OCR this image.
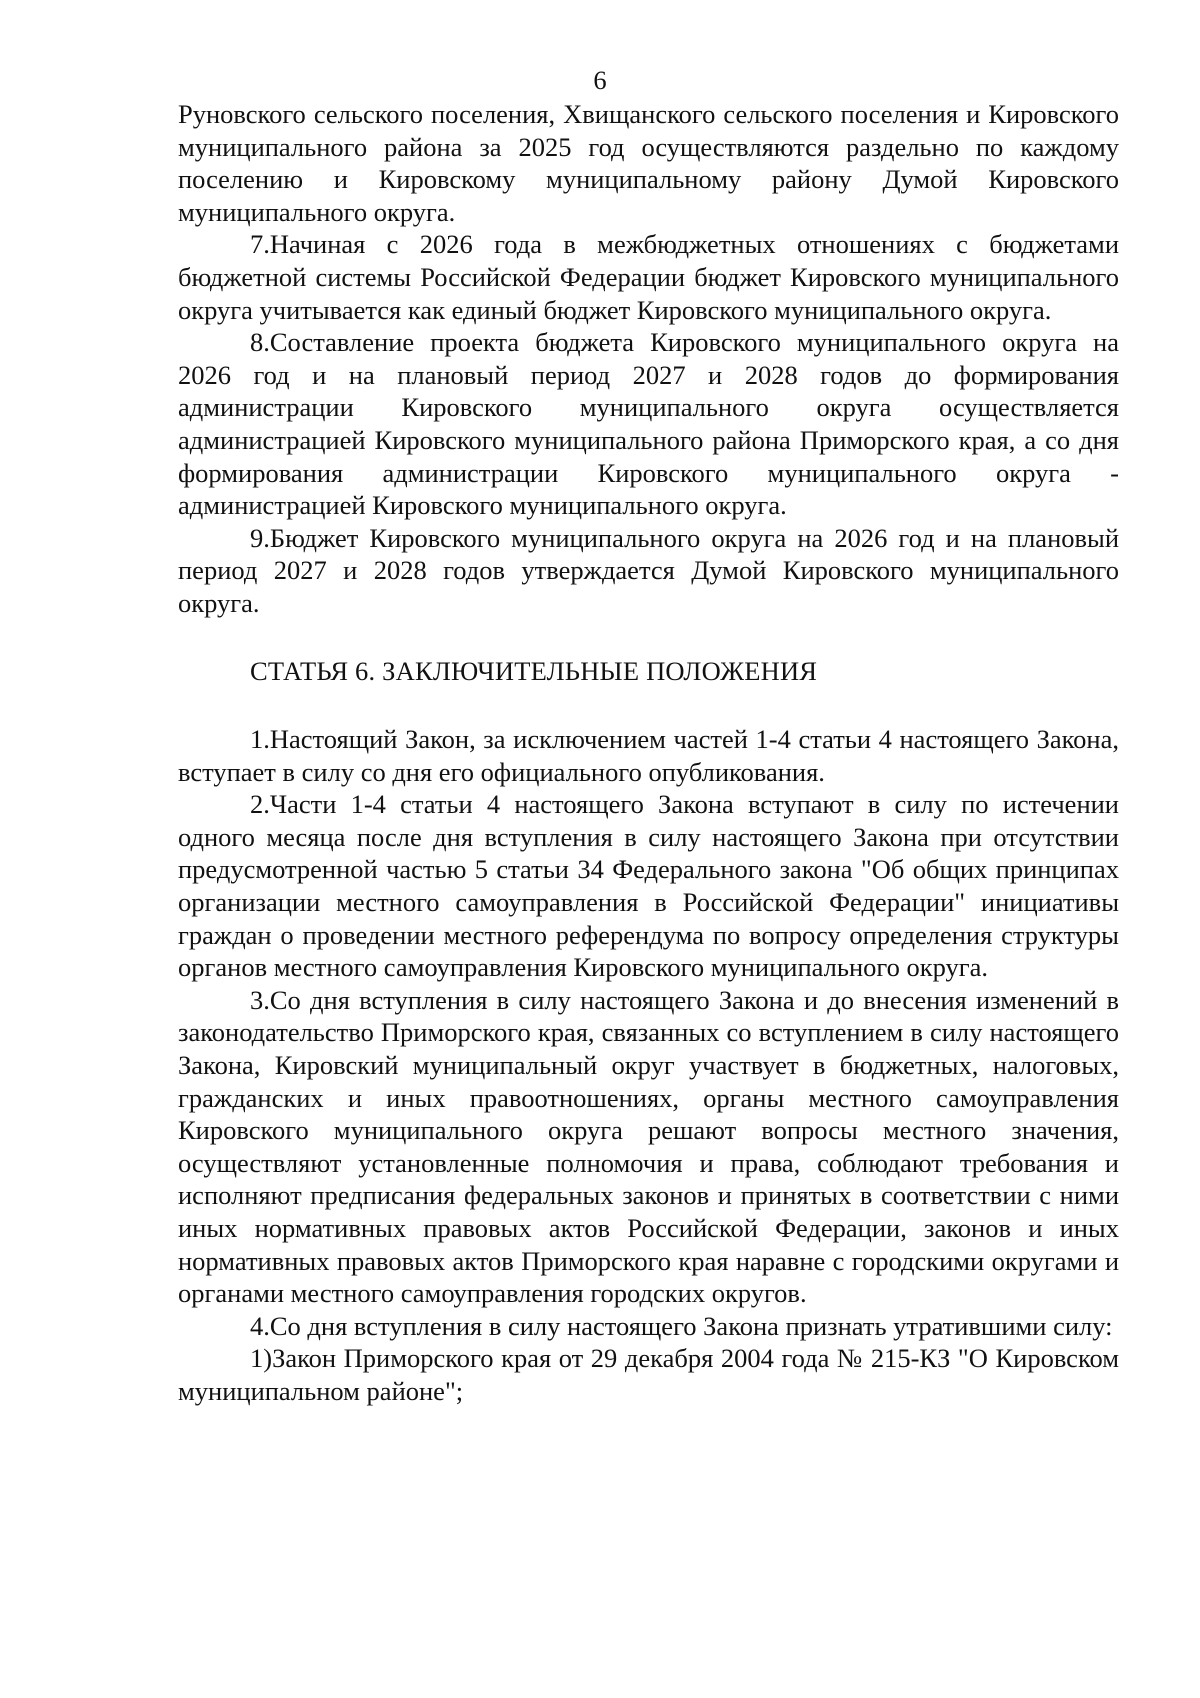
6

Руновского сельского поселения, Хвищанского сельского поселения и Кировского муниципального района за 2025 год осуществляются раздельно по каждому поселению и Кировскому муниципальному району Думой Кировского муниципального округа.

7.Начиная с 2026 года в межбюджетных отношениях с бюджетами бюджетной системы Российской Федерации бюджет Кировского муниципального округа учитывается как единый бюджет Кировского муниципального округа.

8.Составление проекта бюджета Кировского муниципального округа на 2026 год и на плановый период 2027 и 2028 годов до формирования администрации Кировского муниципального округа осуществляется администрацией Кировского муниципального района Приморского края, а со дня формирования администрации Кировского муниципального округа - администрацией Кировского муниципального округа.

9.Бюджет Кировского муниципального округа на 2026 год и на плановый период 2027 и 2028 годов утверждается Думой Кировского муниципального округа.

СТАТЬЯ 6. ЗАКЛЮЧИТЕЛЬНЫЕ ПОЛОЖЕНИЯ

1.Настоящий Закон, за исключением частей 1-4 статьи 4 настоящего Закона, вступает в силу со дня его официального опубликования.

2.Части 1-4 статьи 4 настоящего Закона вступают в силу по истечении одного месяца после дня вступления в силу настоящего Закона при отсутствии предусмотренной частью 5 статьи 34 Федерального закона "Об общих принципах организации местного самоуправления в Российской Федерации" инициативы граждан о проведении местного референдума по вопросу определения структуры органов местного самоуправления Кировского муниципального округа.

3.Со дня вступления в силу настоящего Закона и до внесения изменений в законодательство Приморского края, связанных со вступлением в силу настоящего Закона, Кировский муниципальный округ участвует в бюджетных, налоговых, гражданских и иных правоотношениях, органы местного самоуправления Кировского муниципального округа решают вопросы местного значения, осуществляют установленные полномочия и права, соблюдают требования и исполняют предписания федеральных законов и принятых в соответствии с ними иных нормативных правовых актов Российской Федерации, законов и иных нормативных правовых актов Приморского края наравне с городскими округами и органами местного самоуправления городских округов.

4.Со дня вступления в силу настоящего Закона признать утратившими силу:

1)Закон Приморского края от 29 декабря 2004 года № 215-КЗ "О Кировском муниципальном районе";
